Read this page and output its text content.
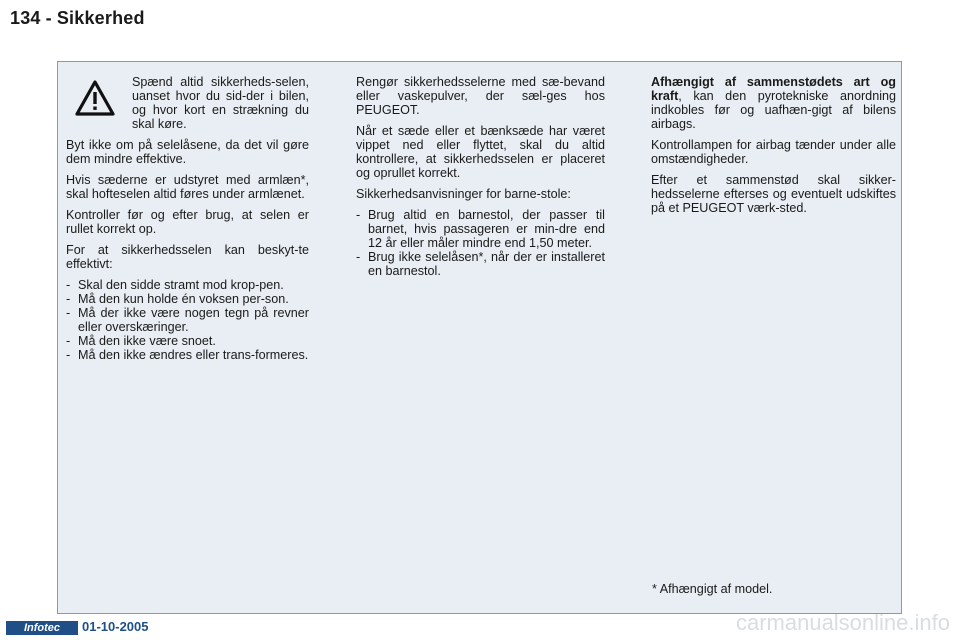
134 - Sikkerhed
Spænd altid sikkerheds-selen, uanset hvor du sid-der i bilen, og hvor kort en strækning du skal køre.

Byt ikke om på selelåsene, da det vil gøre dem mindre effektive.

Hvis sæderne er udstyret med armlæn*, skal hofteselen altid føres under armlænet.

Kontroller før og efter brug, at selen er rullet korrekt op.

For at sikkerhedsselen kan beskyt-te effektivt:

- Skal den sidde stramt mod krop-pen.
- Må den kun holde én voksen per-son.
- Må der ikke være nogen tegn på revner eller overskæringer.
- Må den ikke være snoet.
- Må den ikke ændres eller trans-formeres.

Rengør sikkerhedsselerne med sæ-bevand eller vaskepulver, der sæl-ges hos PEUGEOT.

Når et sæde eller et bænksæde har været vippet ned eller flyttet, skal du altid kontrollere, at sikkerhedsselen er placeret og oprullet korrekt.

Sikkerhedsanvisninger for barne-stole:

- Brug altid en barnestol, der passer til barnet, hvis passageren er min-dre end 12 år eller måler mindre end 1,50 meter.
- Brug ikke selelåsen*, når der er installeret en barnestol.

Afhængigt af sammenstødets art og kraft, kan den pyrotekniske anordning indkobles før og uafhæn-gigt af bilens airbags.

Kontrollampen for airbag tænder under alle omstændigheder.

Efter et sammenstød skal sikker-hedsselerne efterses og eventuelt udskiftes på et PEUGEOT værk-sted.

* Afhængigt af model.
Infotec	01-10-2005	carmanualsonline.info
